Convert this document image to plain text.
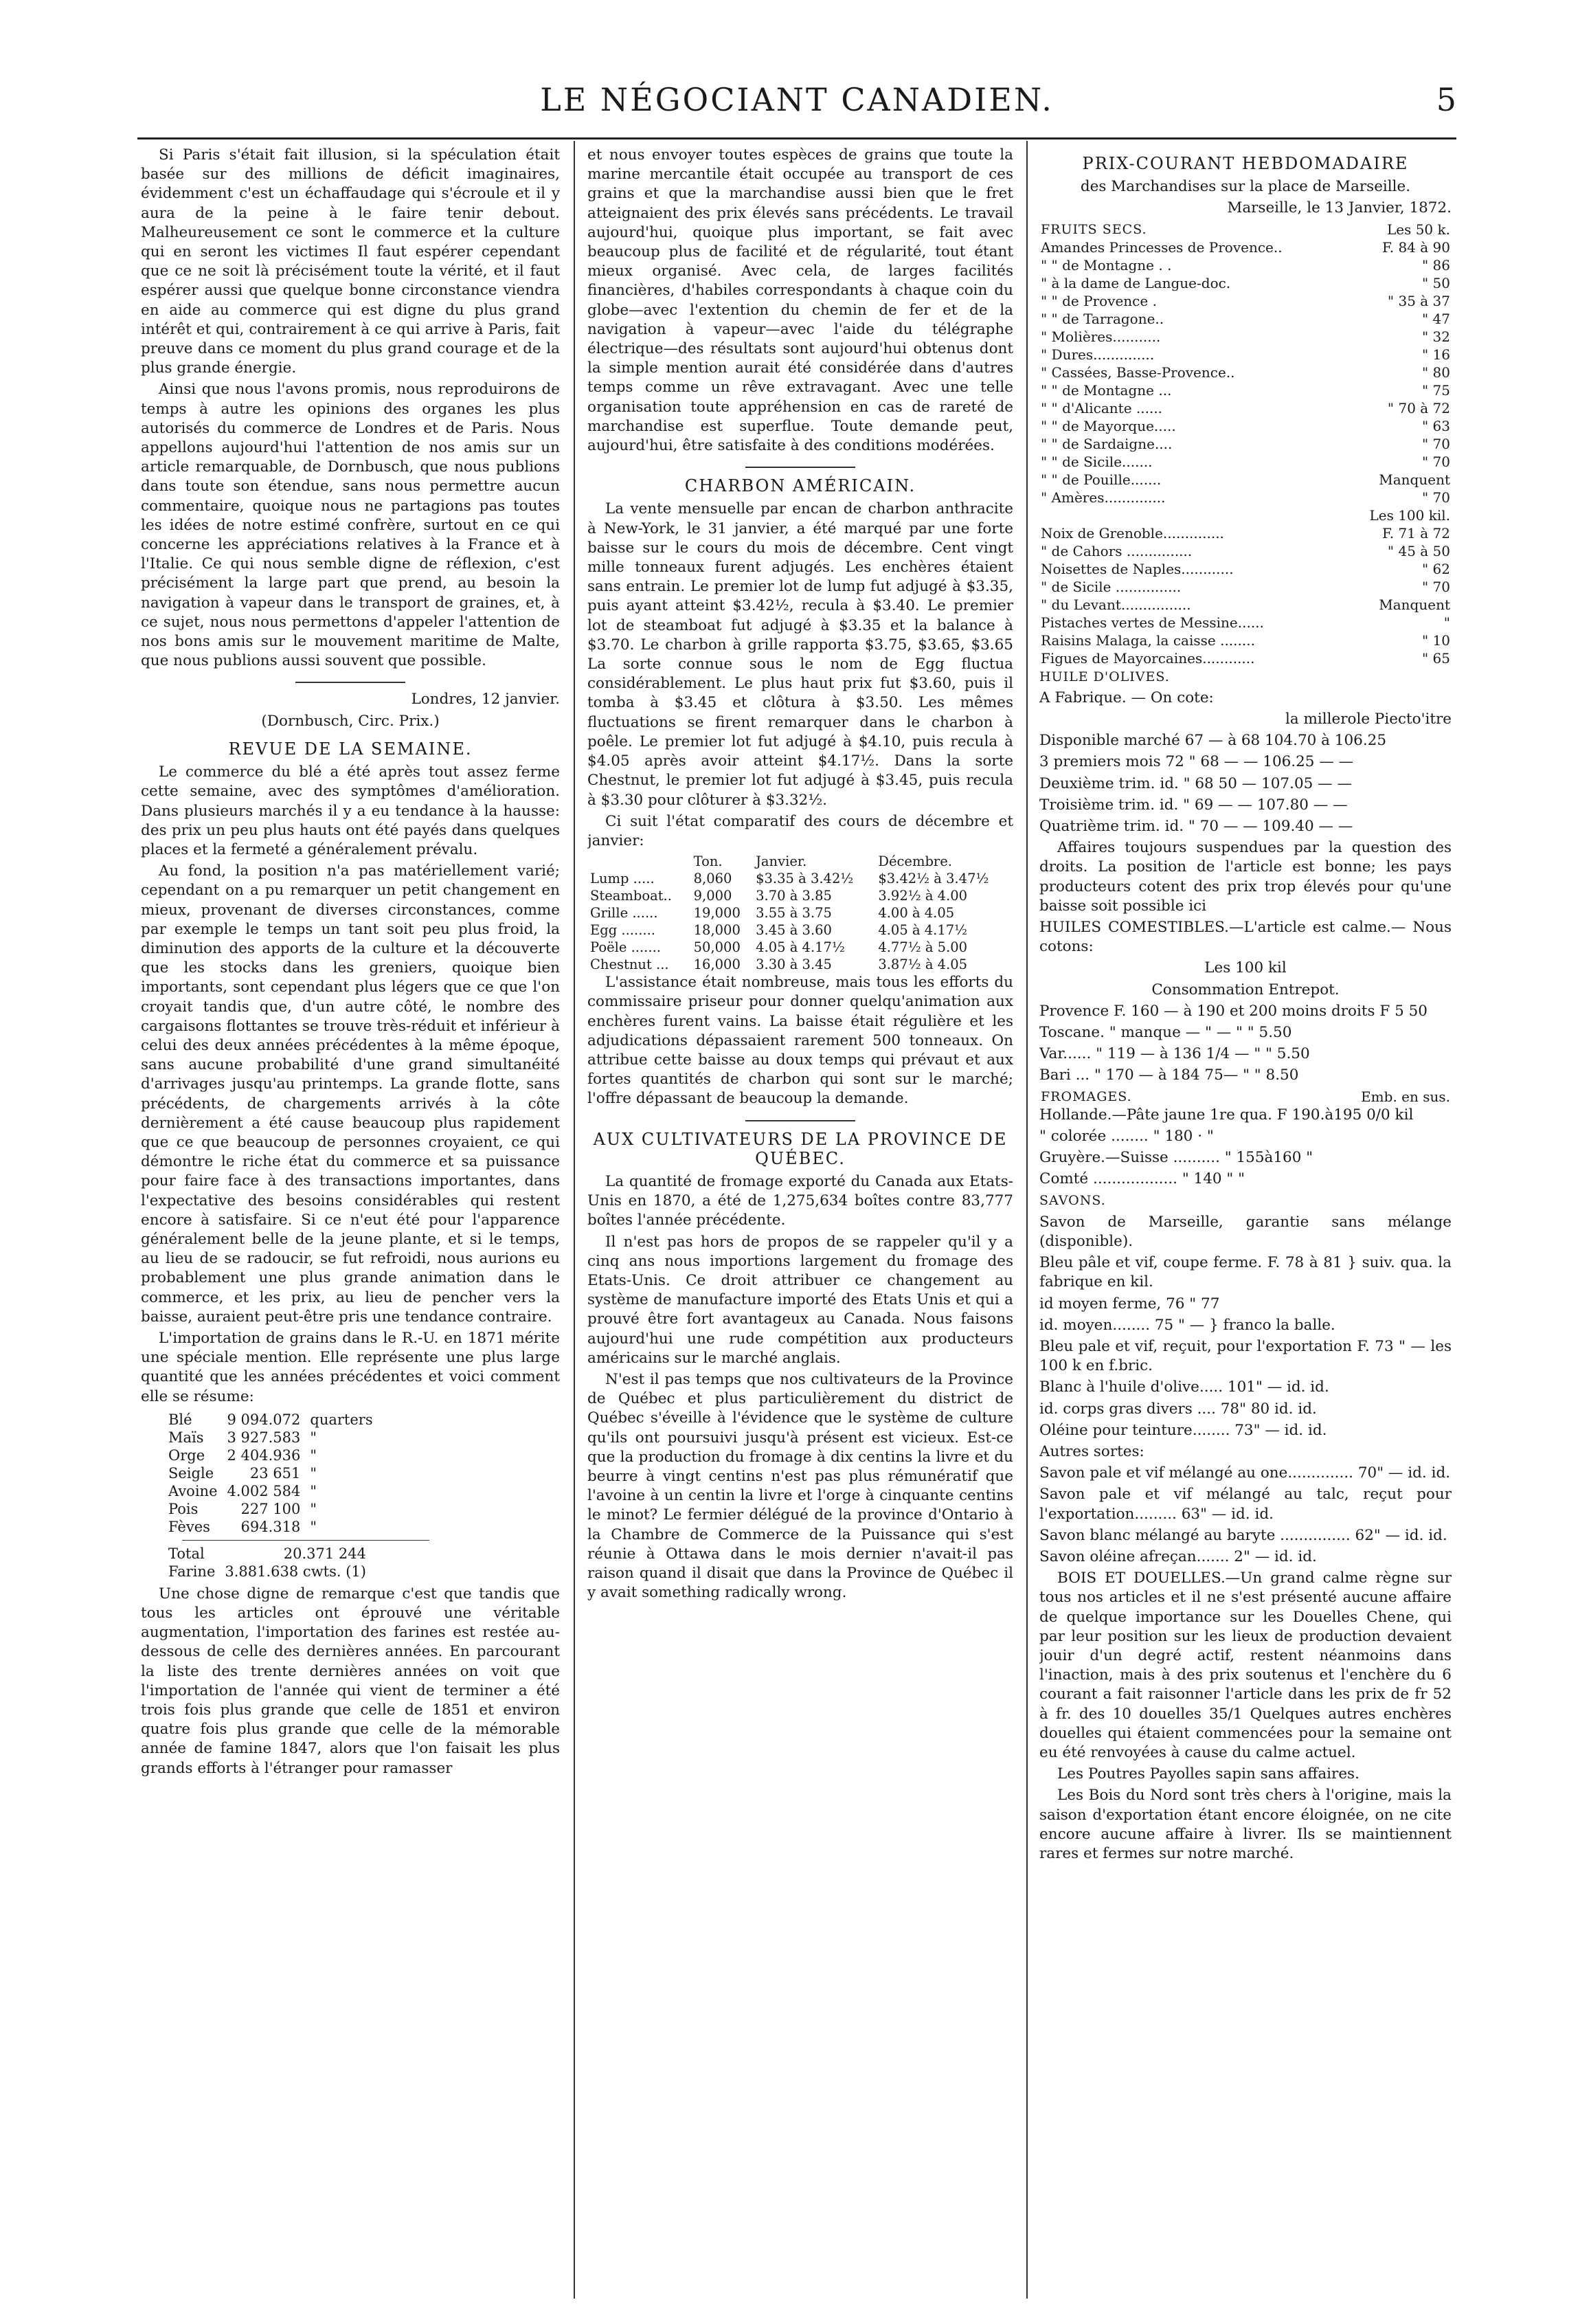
LE NÉGOCIANT CANADIEN.	5

Si Paris s'était fait illusion, si la spéculation était basée sur des millions de déficit imaginaires, évidemment c'est un échaffaudage qui s'écroule et il y aura de la peine à le faire tenir debout. Malheureusement ce sont le commerce et la culture qui en seront les victimes Il faut espérer cependant que ce ne soit là précisément toute la vérité, et il faut espérer aussi que quelque bonne circonstance viendra en aide au commerce qui est digne du plus grand intérêt et qui, contrairement à ce qui arrive à Paris, fait preuve dans ce moment du plus grand courage et de la plus grande énergie.

Ainsi que nous l'avons promis, nous reproduirons de temps à autre les opinions des organes les plus autorisés du commerce de Londres et de Paris. Nous appellons aujourd'hui l'attention de nos amis sur un article remarquable, de Dornbusch, que nous publions dans toute son étendue, sans nous permettre aucun commentaire, quoique nous ne partagions pas toutes les idées de notre estimé confrère, surtout en ce qui concerne les appréciations relatives à la France et à l'Italie. Ce qui nous semble digne de réflexion, c'est précisément la large part que prend, au besoin la navigation à vapeur dans le transport de graines, et, à ce sujet, nous nous permettons d'appeler l'attention de nos bons amis sur le mouvement maritime de Malte, que nous publions aussi souvent que possible.

Londres, 12 janvier.

(Dornbusch, Circ. Prix.)

REVUE DE LA SEMAINE.

Le commerce du blé a été après tout assez ferme cette semaine, avec des symptômes d'amélioration. Dans plusieurs marchés il y a eu tendance à la hausse: des prix un peu plus hauts ont été payés dans quelques places et la fermeté a généralement prévalu.

Au fond, la position n'a pas matériellement varié; cependant on a pu remarquer un petit changement en mieux, provenant de diverses circonstances, comme par exemple le temps un tant soit peu plus froid, la diminution des apports de la culture et la découverte que les stocks dans les greniers, quoique bien importants, sont cependant plus légers que ce que l'on croyait tandis que, d'un autre côté, le nombre des cargaisons flottantes se trouve très-réduit et inférieur à celui des deux années précédentes à la même époque, sans aucune probabilité d'une grand simultanéité d'arrivages jusqu'au printemps. La grande flotte, sans précédents, de chargements arrivés à la côte dernièrement a été cause beaucoup plus rapidement que ce que beaucoup de personnes croyaient, ce qui démontre le riche état du commerce et sa puissance pour faire face à des transactions importantes, dans l'expectative des besoins considérables qui restent encore à satisfaire. Si ce n'eut été pour l'apparence généralement belle de la jeune plante, et si le temps, au lieu de se radoucir, se fut refroidi, nous aurions eu probablement une plus grande animation dans le commerce, et les prix, au lieu de pencher vers la baisse, auraient peut-être pris une tendance contraire.

L'importation de grains dans le R.-U. en 1871 mérite une spéciale mention. Elle représente une plus large quantité que les années précédentes et voici comment elle se résume:

Blé	9 094.072	quarters
Maïs	3 927.583	"
Orge	2 404.936	"
Seigle	23 651	"
Avoine	4.002 584	"
Pois	227 100	"
Fèves	694.318	"
Total	20.371 244
Farine	3.881.638 cwts. (1)

Une chose digne de remarque c'est que tandis que tous les articles ont éprouvé une véritable augmentation, l'importation des farines est restée au-dessous de celle des dernières années. En parcourant la liste des trente dernières années on voit que l'importation de l'année qui vient de terminer a été trois fois plus grande que celle de 1851 et environ quatre fois plus grande que celle de la mémorable année de famine 1847, alors que l'on faisait les plus grands efforts à l'étranger pour ramasser

et nous envoyer toutes espèces de grains que toute la marine mercantile était occupée au transport de ces grains et que la marchandise aussi bien que le fret atteignaient des prix élevés sans précédents. Le travail aujourd'hui, quoique plus important, se fait avec beaucoup plus de facilité et de régularité, tout étant mieux organisé. Avec cela, de larges facilités financières, d'habiles correspondants à chaque coin du globe—avec l'extention du chemin de fer et de la navigation à vapeur—avec l'aide du télégraphe électrique—des résultats sont aujourd'hui obtenus dont la simple mention aurait été considérée dans d'autres temps comme un rêve extravagant. Avec une telle organisation toute appréhension en cas de rareté de marchandise est superflue. Toute demande peut, aujourd'hui, être satisfaite à des conditions modérées.

CHARBON AMÉRICAIN.

La vente mensuelle par encan de charbon anthracite à New-York, le 31 janvier, a été marqué par une forte baisse sur le cours du mois de décembre. Cent vingt mille tonneaux furent adjugés. Les enchères étaient sans entrain. Le premier lot de lump fut adjugé à $3.35, puis ayant atteint $3.42½, recula à $3.40. Le premier lot de steamboat fut adjugé à $3.35 et la balance à $3.70. Le charbon à grille rapporta $3.75, $3.65, $3.65 La sorte connue sous le nom de Egg fluctua considérablement. Le plus haut prix fut $3.60, puis il tomba à $3.45 et clôtura à $3.50. Les mêmes fluctuations se firent remarquer dans le charbon à poêle. Le premier lot fut adjugé à $4.10, puis recula à $4.05 après avoir atteint $4.17½. Dans la sorte Chestnut, le premier lot fut adjugé à $3.45, puis recula à $3.30 pour clôturer à $3.32½.

Ci suit l'état comparatif des cours de décembre et janvier:

	Ton.	Janvier.	Décembre.
Lump .....	8,060	$3.35 à 3.42½	$3.42½ à 3.47½
Steamboat..	9,000	3.70 à 3.85	3.92½ à 4.00
Grille ......	19,000	3.55 à 3.75	4.00 à 4.05
Egg ........	18,000	3.45 à 3.60	4.05 à 4.17½
Poële .......	50,000	4.05 à 4.17½	4.77½ à 5.00
Chestnut ...	16,000	3.30 à 3.45	3.87½ à 4.05

L'assistance était nombreuse, mais tous les efforts du commissaire priseur pour donner quelqu'animation aux enchères furent vains. La baisse était régulière et les adjudications dépassaient rarement 500 tonneaux. On attribue cette baisse au doux temps qui prévaut et aux fortes quantités de charbon qui sont sur le marché; l'offre dépassant de beaucoup la demande.

AUX CULTIVATEURS DE LA PROVINCE DE QUÉBEC.

La quantité de fromage exporté du Canada aux Etats-Unis en 1870, a été de 1,275,634 boîtes contre 83,777 boîtes l'année précédente.

Il n'est pas hors de propos de se rappeler qu'il y a cinq ans nous importions largement du fromage des Etats-Unis. Ce droit attribuer ce changement au système de manufacture importé des Etats Unis et qui a prouvé être fort avantageux au Canada. Nous faisons aujourd'hui une rude compétition aux producteurs américains sur le marché anglais.

N'est il pas temps que nos cultivateurs de la Province de Québec et plus particulièrement du district de Québec s'éveille à l'évidence que le système de culture qu'ils ont poursuivi jusqu'à présent est vicieux. Est-ce que la production du fromage à dix centins la livre et du beurre à vingt centins n'est pas plus rémunératif que l'avoine à un centin la livre et l'orge à cinquante centins le minot? Le fermier délégué de la province d'Ontario à la Chambre de Commerce de la Puissance qui s'est réunie à Ottawa dans le mois dernier n'avait-il pas raison quand il disait que dans la Province de Québec il y avait something radically wrong.

PRIX-COURANT HEBDOMADAIRE

des Marchandises sur la place de Marseille.

Marseille, le 13 Janvier, 1872.

FRUITS SECS.	Les 50 k.
Amandes Princesses de Provence..	F. 84 à 90
" " de Montagne . .	" 86
" à la dame de Langue-doc.	" 50
" " de Provence .	" 35 à 37
" " de Tarragone..	" 47
" Molières...........	" 32
" Dures..............	" 16
" Cassées, Basse-Provence..	" 80
" " de Montagne ...	" 75
" " d'Alicante ......	" 70 à 72
" " de Mayorque.....	" 63
" " de Sardaigne....	" 70
" " de Sicile.......	" 70
" " de Pouille.......	Manquent
" Amères..............	" 70
	Les 100 kil.
Noix de Grenoble..............	F. 71 à 72
" de Cahors ...............	" 45 à 50
Noisettes de Naples............	" 62
" de Sicile ...............	" 70
" du Levant................	Manquent
Pistaches vertes de Messine......	"
Raisins Malaga, la caisse ........	" 10
Figues de Mayorcaines............	" 65

HUILE D'OLIVES.

A Fabrique. — On cote:

la millerole Piecto'itre

Disponible marché 67 — à 68 104.70 à 106.25

3 premiers mois 72 " 68 — — 106.25 — —

Deuxième trim. id. " 68 50 — 107.05 — —

Troisième trim. id. " 69 — — 107.80 — —

Quatrième trim. id. " 70 — — 109.40 — —

Affaires toujours suspendues par la question des droits. La position de l'article est bonne; les pays producteurs cotent des prix trop élevés pour qu'une baisse soit possible ici

HUILES COMESTIBLES.—L'article est calme.— Nous cotons:

Les 100 kil

Consommation Entrepot.

Provence F. 160 — à 190 et 200 moins droits F 5 50

Toscane. " manque — " — " " 5.50

Var...... " 119 — à 136 1/4 — " " 5.50

Bari ... " 170 — à 184 75— " " 8.50

FROMAGES.	Emb. en sus.

Hollande.—Pâte jaune 1re qua. F 190.à195 0/0 kil

" colorée ........ " 180 · "

Gruyère.—Suisse .......... " 155à160 "

Comté .................. " 140 " "

SAVONS.

Savon de Marseille, garantie sans mélange (disponible).

Bleu pâle et vif, coupe ferme. F. 78 à 81 } suiv. qua. la fabrique en kil.

id moyen ferme, 76 " 77

id. moyen........ 75 " — } franco la balle.

Bleu pale et vif, reçuit, pour l'exportation F. 73 " — les 100 k en f.bric.

Blanc à l'huile d'olive..... 101" — id. id.

id. corps gras divers .... 78" 80 id. id.

Oléine pour teinture........ 73" — id. id.

Autres sortes:

Savon pale et vif mélangé au one.............. 70" — id. id.

Savon pale et vif mélangé au talc, reçut pour l'exportation......... 63" — id. id.

Savon blanc mélangé au baryte ............... 62" — id. id.

Savon oléine afreçan....... 2" — id. id.

BOIS ET DOUELLES.—Un grand calme règne sur tous nos articles et il ne s'est présenté aucune affaire de quelque importance sur les Douelles Chene, qui par leur position sur les lieux de production devaient jouir d'un degré actif, restent néanmoins dans l'inaction, mais à des prix soutenus et l'enchère du 6 courant a fait raisonner l'article dans les prix de fr 52 à fr. des 10 douelles 35/1 Quelques autres enchères douelles qui étaient commencées pour la semaine ont eu été renvoyées à cause du calme actuel.

Les Poutres Payolles sapin sans affaires.

Les Bois du Nord sont très chers à l'origine, mais la saison d'exportation étant encore éloignée, on ne cite encore aucune affaire à livrer. Ils se maintiennent rares et fermes sur notre marché.
